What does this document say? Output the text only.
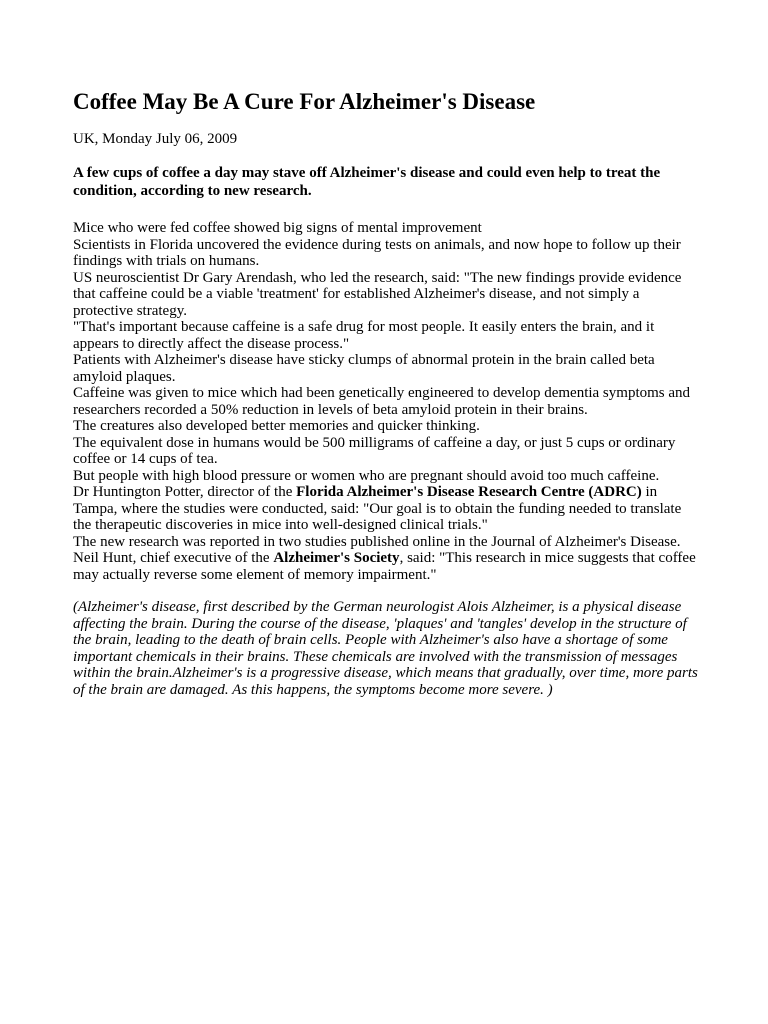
Coffee May Be A Cure For Alzheimer's Disease
UK, Monday July 06, 2009
A few cups of coffee a day may stave off Alzheimer's disease and could even help to treat the condition, according to new research.

Mice who were fed coffee showed big signs of mental improvement

Scientists in Florida uncovered the evidence during tests on animals, and now hope to follow up their findings with trials on humans.

US neuroscientist Dr Gary Arendash, who led the research, said: "The new findings provide evidence that caffeine could be a viable 'treatment' for established Alzheimer's disease, and not simply a protective strategy.

"That's important because caffeine is a safe drug for most people. It easily enters the brain, and it appears to directly affect the disease process."

Patients with Alzheimer's disease have sticky clumps of abnormal protein in the brain called beta amyloid plaques.

Caffeine was given to mice which had been genetically engineered to develop dementia symptoms and researchers recorded a 50% reduction in levels of beta amyloid protein in their brains.

The creatures also developed better memories and quicker thinking.

The equivalent dose in humans would be 500 milligrams of caffeine a day, or just 5 cups or ordinary coffee or 14 cups of tea.

But people with high blood pressure or women who are pregnant should avoid too much caffeine.

Dr Huntington Potter, director of the Florida Alzheimer's Disease Research Centre (ADRC) in Tampa, where the studies were conducted, said: "Our goal is to obtain the funding needed to translate the therapeutic discoveries in mice into well-designed clinical trials."

The new research was reported in two studies published online in the Journal of Alzheimer's Disease.

Neil Hunt, chief executive of the Alzheimer's Society, said: "This research in mice suggests that coffee may actually reverse some element of memory impairment."

(Alzheimer's disease, first described by the German neurologist Alois Alzheimer, is a physical disease affecting the brain. During the course of the disease, 'plaques' and 'tangles' develop in the structure of the brain, leading to the death of brain cells. People with Alzheimer's also have a shortage of some important chemicals in their brains. These chemicals are involved with the transmission of messages within the brain.Alzheimer's is a progressive disease, which means that gradually, over time, more parts of the brain are damaged. As this happens, the symptoms become more severe. )
